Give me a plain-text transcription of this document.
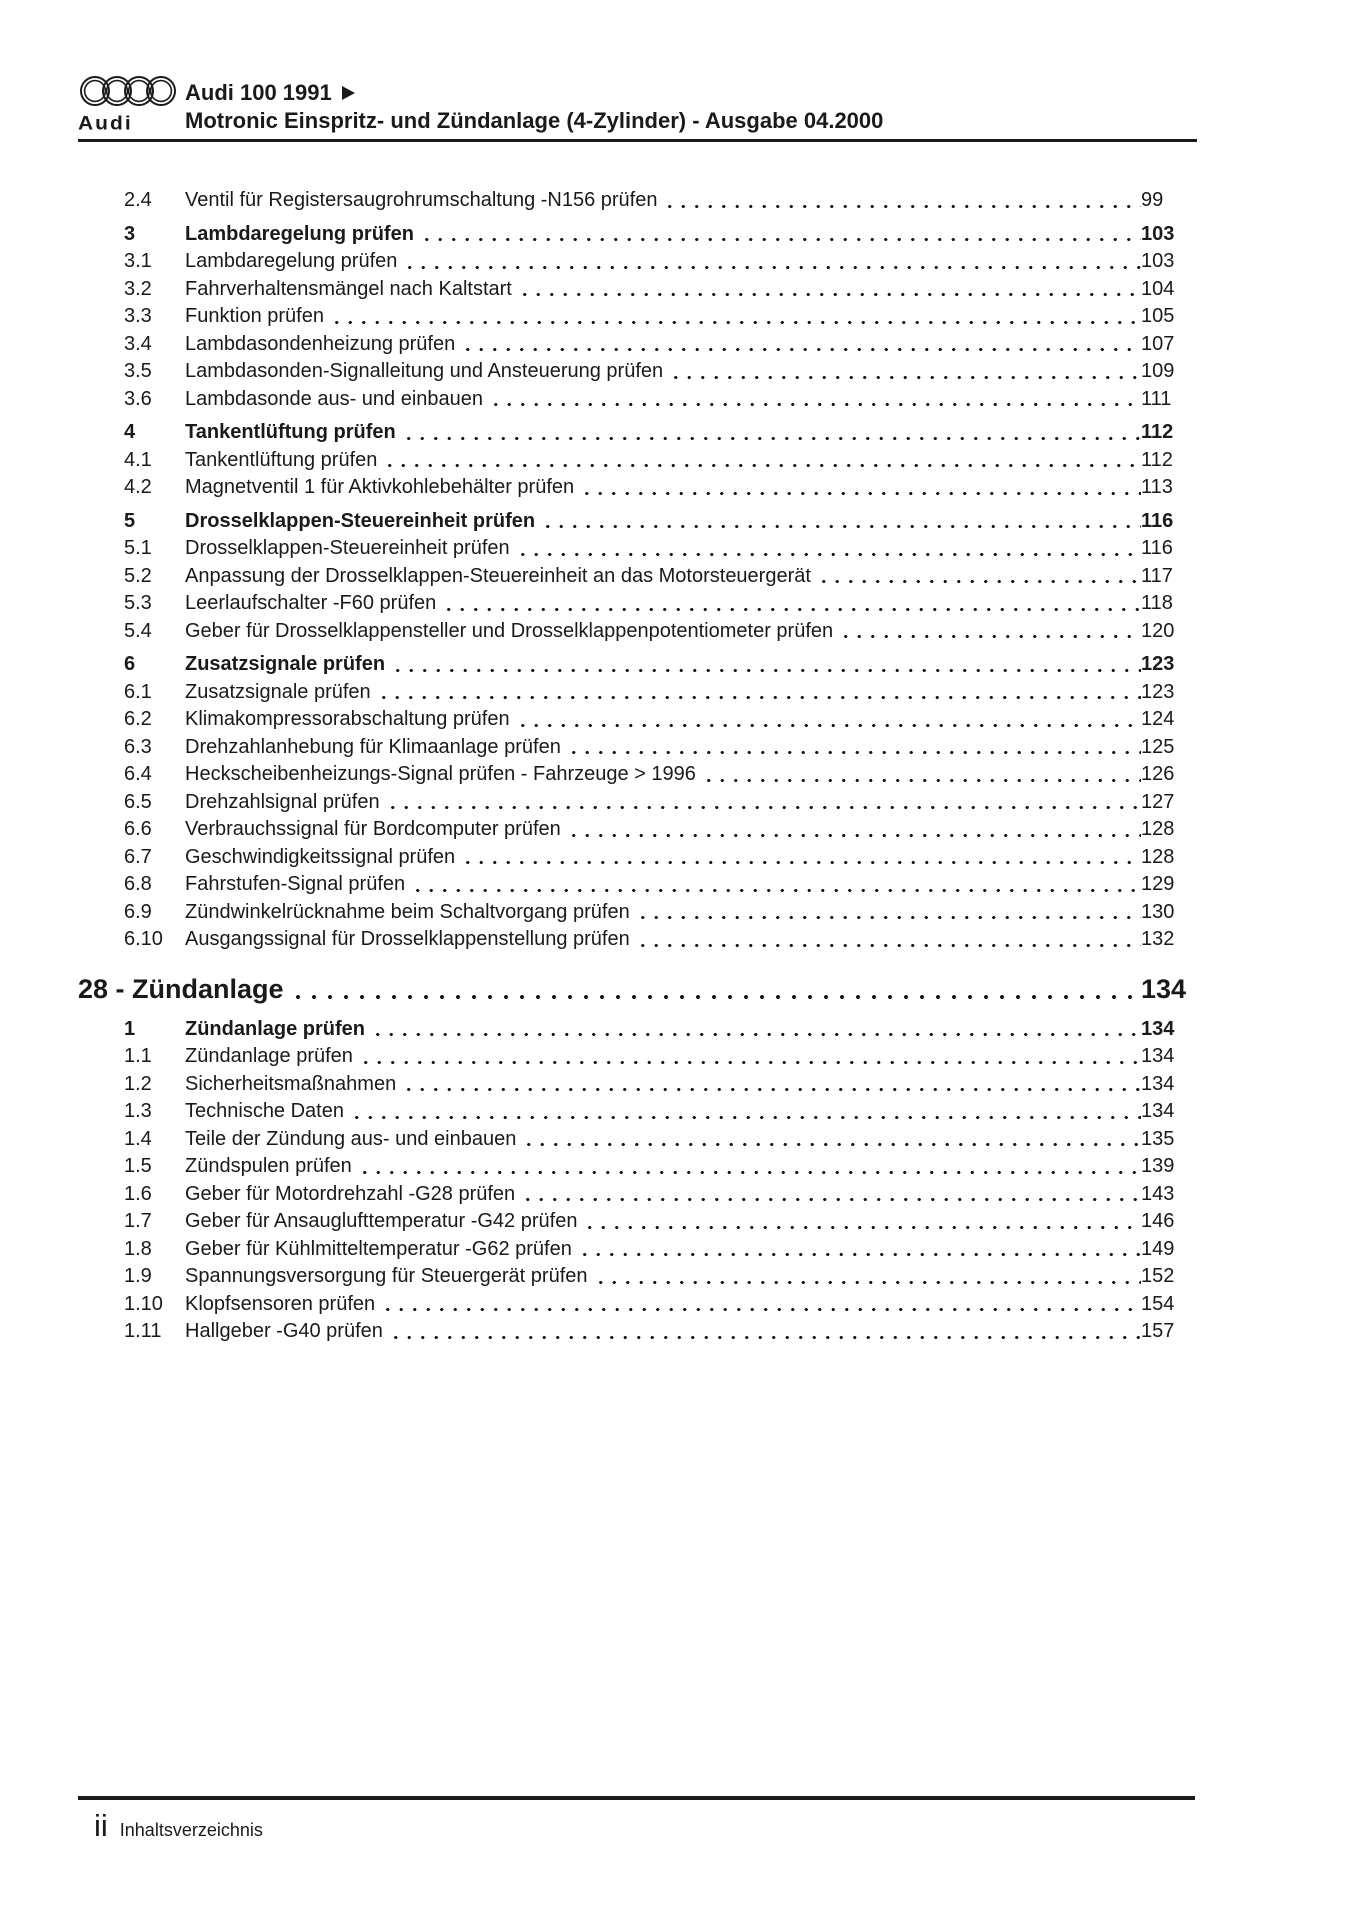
Audi
Audi 100 1991
Motronic Einspritz- und Zündanlage (4-Zylinder) - Ausgabe 04.2000
2.4	Ventil für Registersaugrohrumschaltung -N156 prüfen	99
3	Lambdaregelung prüfen	103
3.1	Lambdaregelung prüfen	103
3.2	Fahrverhaltensmängel nach Kaltstart	104
3.3	Funktion prüfen	105
3.4	Lambdasondenheizung prüfen	107
3.5	Lambdasonden-Signalleitung und Ansteuerung prüfen	109
3.6	Lambdasonde aus- und einbauen	111
4	Tankentlüftung prüfen	112
4.1	Tankentlüftung prüfen	112
4.2	Magnetventil 1 für Aktivkohlebehälter prüfen	113
5	Drosselklappen-Steuereinheit prüfen	116
5.1	Drosselklappen-Steuereinheit prüfen	116
5.2	Anpassung der Drosselklappen-Steuereinheit an das Motorsteuergerät	117
5.3	Leerlaufschalter -F60 prüfen	118
5.4	Geber für Drosselklappensteller und Drosselklappenpotentiometer prüfen	120
6	Zusatzsignale prüfen	123
6.1	Zusatzsignale prüfen	123
6.2	Klimakompressorabschaltung prüfen	124
6.3	Drehzahlanhebung für Klimaanlage prüfen	125
6.4	Heckscheibenheizungs-Signal prüfen - Fahrzeuge > 1996	126
6.5	Drehzahlsignal prüfen	127
6.6	Verbrauchssignal für Bordcomputer prüfen	128
6.7	Geschwindigkeitssignal prüfen	128
6.8	Fahrstufen-Signal prüfen	129
6.9	Zündwinkelrücknahme beim Schaltvorgang prüfen	130
6.10	Ausgangssignal für Drosselklappenstellung prüfen	132
28 - Zündanlage	134
1	Zündanlage prüfen	134
1.1	Zündanlage prüfen	134
1.2	Sicherheitsmaßnahmen	134
1.3	Technische Daten	134
1.4	Teile der Zündung aus- und einbauen	135
1.5	Zündspulen prüfen	139
1.6	Geber für Motordrehzahl -G28 prüfen	143
1.7	Geber für Ansauglufttemperatur -G42 prüfen	146
1.8	Geber für Kühlmitteltemperatur -G62 prüfen	149
1.9	Spannungsversorgung für Steuergerät prüfen	152
1.10	Klopfsensoren prüfen	154
1.11	Hallgeber -G40 prüfen	157
ii Inhaltsverzeichnis
